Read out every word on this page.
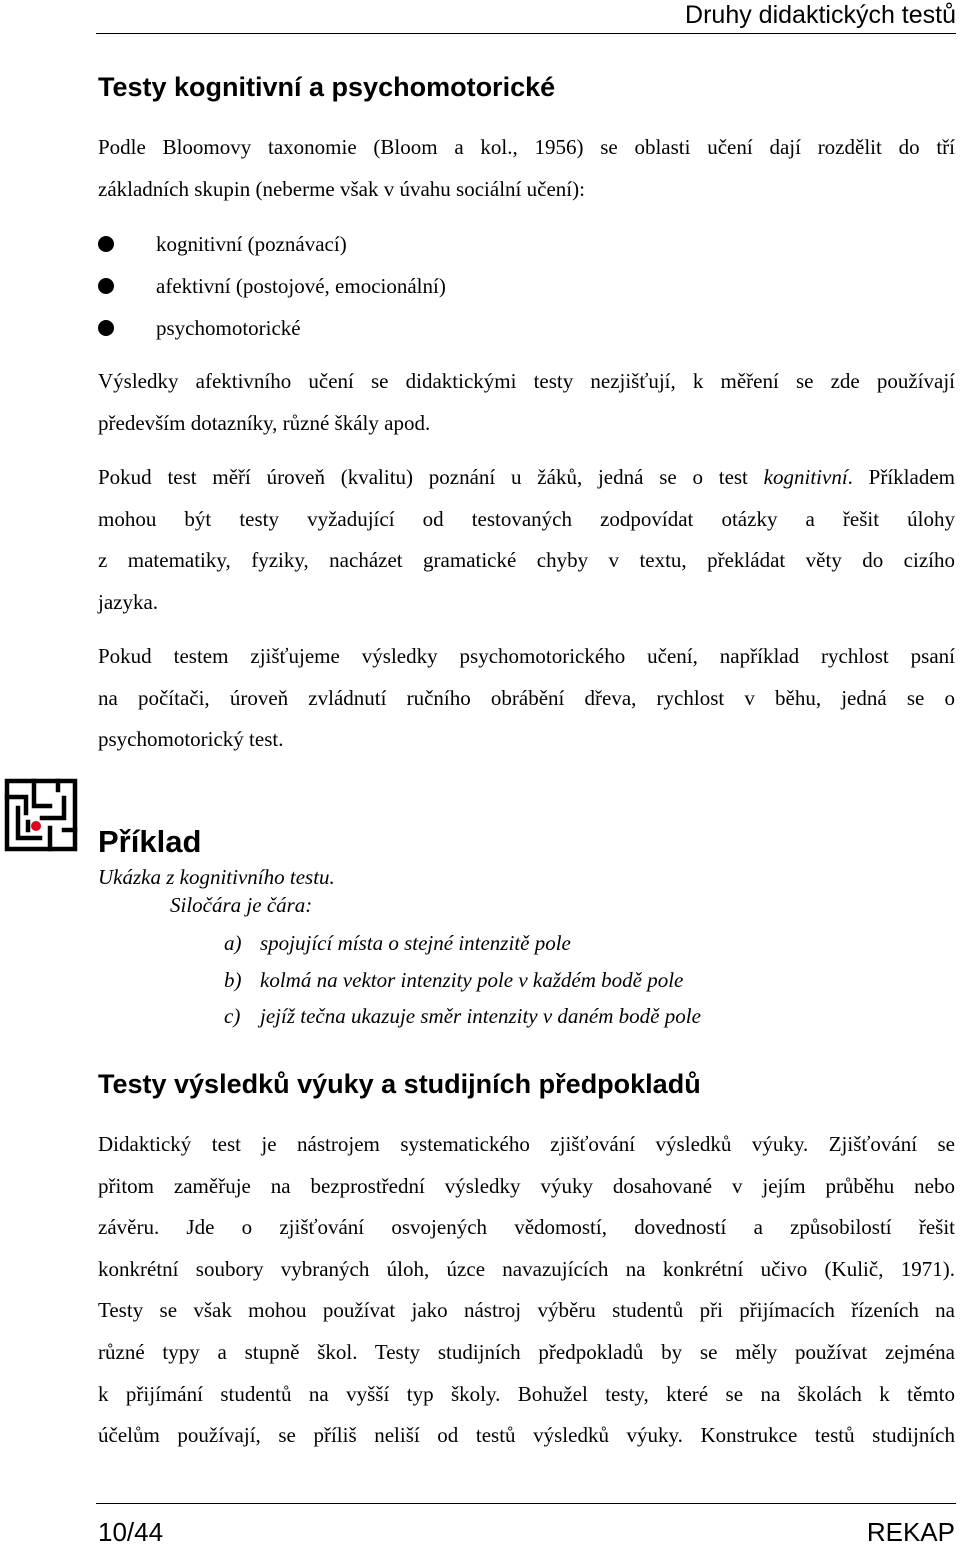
Druhy didaktických testů
Testy kognitivní a psychomotorické
Podle Bloomovy taxonomie (Bloom a kol., 1956) se oblasti učení dají rozdělit do tří
základních skupin (neberme však v úvahu sociální učení):
kognitivní (poznávací)
afektivní (postojové, emocionální)
psychomotorické
Výsledky afektivního učení se didaktickými testy nezjišťují, k měření se zde používají
především dotazníky, různé škály apod.
Pokud test měří úroveň (kvalitu) poznání u žáků, jedná se o test kognitivní. Příkladem
mohou být testy vyžadující od testovaných zodpovídat otázky a řešit úlohy
z matematiky, fyziky, nacházet gramatické chyby v textu, překládat věty do cizího
jazyka.
Pokud testem zjišťujeme výsledky psychomotorického učení, například rychlost psaní
na počítači, úroveň zvládnutí ručního obrábění dřeva, rychlost v běhu, jedná se o
psychomotorický test.
Příklad
Ukázka z kognitivního testu.
Siločára je čára:
a) spojující místa o stejné intenzitě pole
b) kolmá na vektor intenzity pole v každém bodě pole
c) jejíž tečna ukazuje směr intenzity v daném bodě pole
Testy výsledků výuky a studijních předpokladů
Didaktický test je nástrojem systematického zjišťování výsledků výuky. Zjišťování se
přitom zaměřuje na bezprostřední výsledky výuky dosahované v jejím průběhu nebo
závěru. Jde o zjišťování osvojených vědomostí, dovedností a způsobilostí řešit
konkrétní soubory vybraných úloh, úzce navazujících na konkrétní učivo (Kulič, 1971).
Testy se však mohou používat jako nástroj výběru studentů při přijímacích řízeních na
různé typy a stupně škol. Testy studijních předpokladů by se měly používat zejména
k přijímání studentů na vyšší typ školy. Bohužel testy, které se na školách k těmto
účelům používají, se příliš neliší od testů výsledků výuky. Konstrukce testů studijních
10/44	REKAP
